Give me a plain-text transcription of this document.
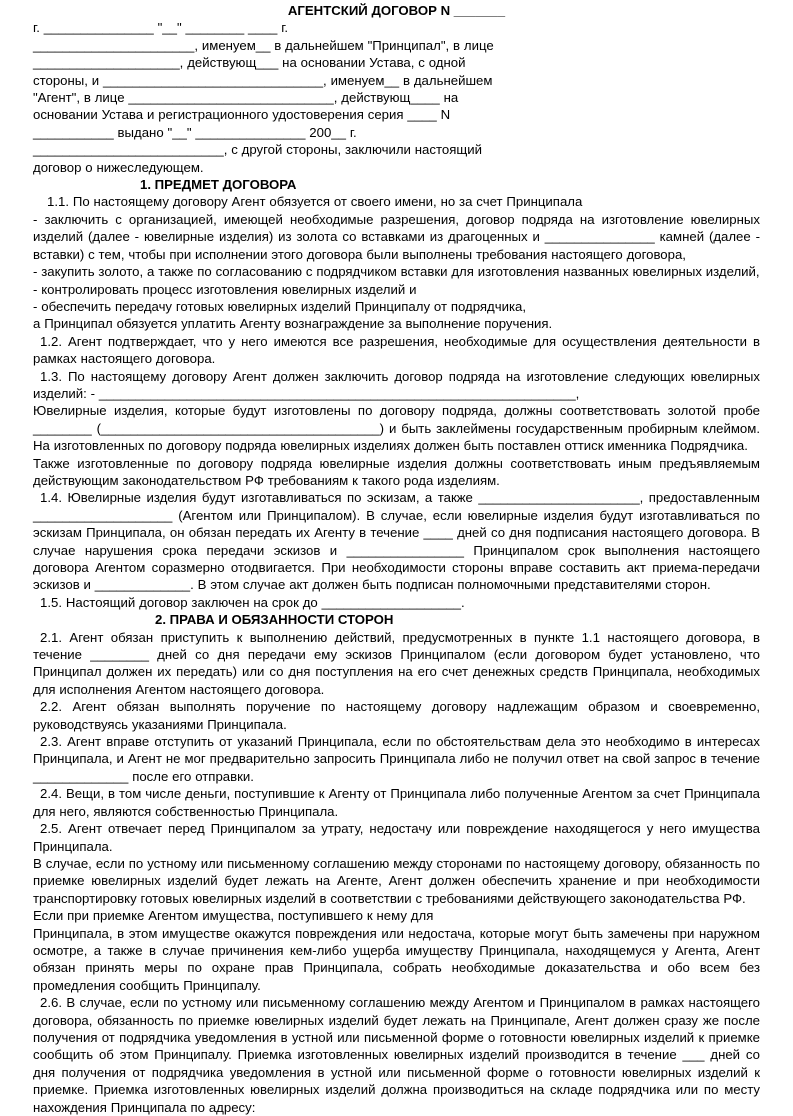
АГЕНТСКИЙ ДОГОВОР N _______

г. _______________ "__" ________ ____ г.

______________________, именуем__ в дальнейшем "Принципал", в лице

____________________, действующ___ на основании Устава, с одной

стороны, и ______________________________, именуем__ в дальнейшем

"Агент", в лице ____________________________, действующ____ на

основании Устава и регистрационного удостоверения серия ____ N

___________ выдано "__" _______________ 200__ г.

__________________________, с другой стороны, заключили настоящий

договор о нижеследующем.

1. ПРЕДМЕТ ДОГОВОРА

1.1. По настоящему договору Агент обязуется от своего имени, но за счет Принципала

- заключить с организацией, имеющей необходимые разрешения, договор подряда на изготовление ювелирных изделий (далее - ювелирные изделия) из золота со вставками из драгоценных и _______________ камней (далее - вставки) с тем, чтобы при исполнении этого договора были выполнены требования настоящего договора,

- закупить золото, а также по согласованию с подрядчиком вставки для изготовления названных ювелирных изделий,

- контролировать процесс изготовления ювелирных изделий и

- обеспечить передачу готовых ювелирных изделий Принципалу от подрядчика,

а Принципал обязуется уплатить Агенту вознаграждение за выполнение поручения.

1.2. Агент подтверждает, что у него имеются все разрешения, необходимые для осуществления деятельности в рамках настоящего договора.

1.3. По настоящему договору Агент должен заключить договор подряда на изготовление следующих ювелирных изделий: - _________________________________________________________________,

Ювелирные изделия, которые будут изготовлены по договору подряда, должны соответствовать золотой пробе ________ (______________________________________) и быть заклеймены государственным пробирным клеймом. На изготовленных по договору подряда ювелирных изделиях должен быть поставлен оттиск именника Подрядчика.

Также изготовленные по договору подряда ювелирные изделия должны соответствовать иным предъявляемым действующим законодательством РФ требованиям к такого рода изделиям.

1.4. Ювелирные изделия будут изготавливаться по эскизам, а также ______________________, предоставленным ___________________ (Агентом или Принципалом). В случае, если ювелирные изделия будут изготавливаться по эскизам Принципала, он обязан передать их Агенту в течение ____ дней со дня подписания настоящего договора. В случае нарушения срока передачи эскизов и ________________ Принципалом срок выполнения настоящего договора Агентом соразмерно отодвигается. При необходимости стороны вправе составить акт приема-передачи эскизов и _____________. В этом случае акт должен быть подписан полномочными представителями сторон.

1.5. Настоящий договор заключен на срок до ___________________.

2. ПРАВА И ОБЯЗАННОСТИ СТОРОН

2.1. Агент обязан приступить к выполнению действий, предусмотренных в пункте 1.1 настоящего договора, в течение ________ дней со дня передачи ему эскизов Принципалом (если договором будет установлено, что Принципал должен их передать) или со дня поступления на его счет денежных средств Принципала, необходимых для исполнения Агентом настоящего договора.

2.2. Агент обязан выполнять поручение по настоящему договору надлежащим образом и своевременно, руководствуясь указаниями Принципала.

2.3. Агент вправе отступить от указаний Принципала, если по обстоятельствам дела это необходимо в интересах Принципала, и Агент не мог предварительно запросить Принципала либо не получил ответ на свой запрос в течение _____________ после его отправки.

2.4. Вещи, в том числе деньги, поступившие к Агенту от Принципала либо полученные Агентом за счет Принципала для него, являются собственностью Принципала.

2.5. Агент отвечает перед Принципалом за утрату, недостачу или повреждение находящегося у него имущества Принципала.

В случае, если по устному или письменному соглашению между сторонами по настоящему договору, обязанность по приемке ювелирных изделий будет лежать на Агенте, Агент должен обеспечить хранение и при необходимости транспортировку готовых ювелирных изделий в соответствии с требованиями действующего законодательства РФ.

Если при приемке Агентом имущества, поступившего к нему для

Принципала, в этом имуществе окажутся повреждения или недостача, которые могут быть замечены при наружном осмотре, а также в случае причинения кем-либо ущерба имуществу Принципала, находящемуся у Агента, Агент обязан принять меры по охране прав Принципала, собрать необходимые доказательства и обо всем без промедления сообщить Принципалу.

2.6. В случае, если по устному или письменному соглашению между Агентом и Принципалом в рамках настоящего договора, обязанность по приемке ювелирных изделий будет лежать на Принципале, Агент должен сразу же после получения от подрядчика уведомления в устной или письменной форме о готовности ювелирных изделий к приемке сообщить об этом Принципалу. Приемка изготовленных ювелирных изделий производится в течение ___ дней со дня получения от подрядчика уведомления в устной или письменной форме о готовности ювелирных изделий к приемке. Приемка изготовленных ювелирных изделий должна производиться на складе подрядчика или по месту нахождения Принципала по адресу:
